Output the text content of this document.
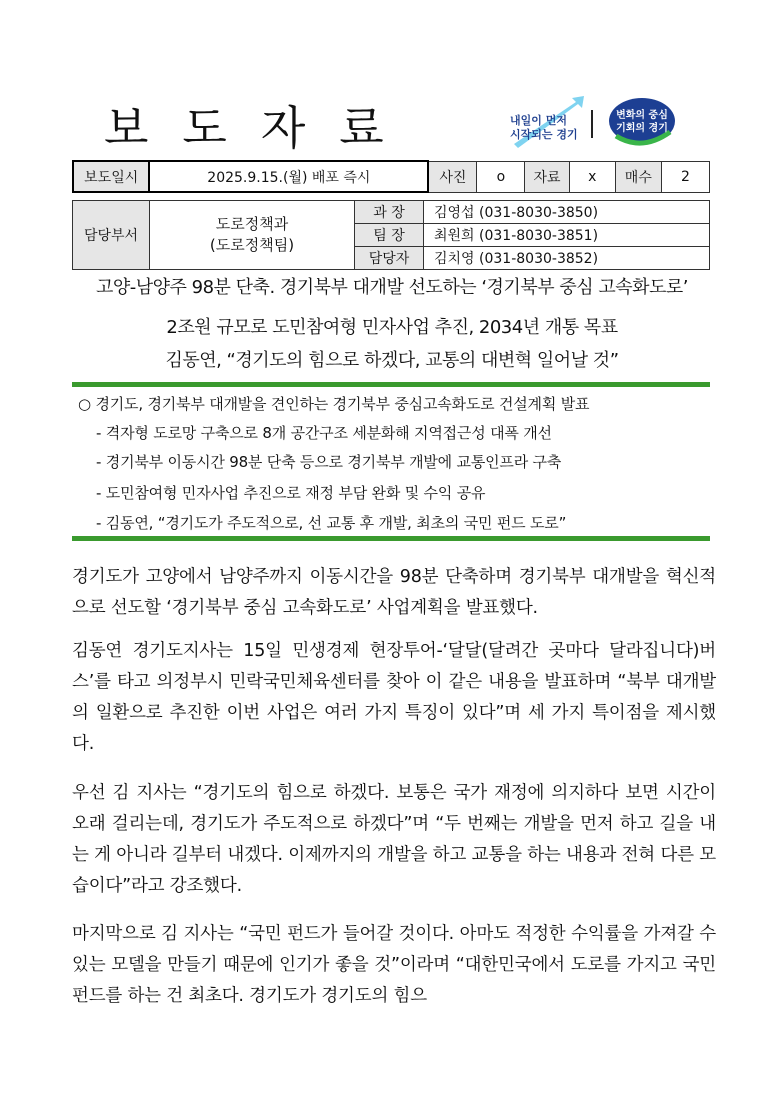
보도자료	내일이 먼저
시작되는 경기
변화의 중심
기회의 경기
보도일시	2025.9.15.(월) 배포 즉시	사진	o	자료	x	매수	2
담당부서	도로정책과
(도로정책팀)	과 장	김영섭 (031-8030-3850)
		팀 장	최원희 (031-8030-3851)
		담당자	김치영 (031-8030-3852)
고양-남양주 98분 단축. 경기북부 대개발 선도하는 ‘경기북부 중심 고속화도로’
2조원 규모로 도민참여형 민자사업 추진, 2034년 개통 목표
김동연, “경기도의 힘으로 하겠다, 교통의 대변혁 일어날 것”
○ 경기도, 경기북부 대개발을 견인하는 경기북부 중심고속화도로 건설계획 발표
- 격자형 도로망 구축으로 8개 공간구조 세분화해 지역접근성 대폭 개선
- 경기북부 이동시간 98분 단축 등으로 경기북부 개발에 교통인프라 구축
- 도민참여형 민자사업 추진으로 재정 부담 완화 및 수익 공유
- 김동연, “경기도가 주도적으로, 선 교통 후 개발, 최초의 국민 펀드 도로”
경기도가 고양에서 남양주까지 이동시간을 98분 단축하며 경기북부 대개발을 혁신적으로 선도할 ‘경기북부 중심 고속화도로’ 사업계획을 발표했다.
김동연 경기도지사는 15일 민생경제 현장투어-‘달달(달려간 곳마다 달라집니다)버스’를 타고 의정부시 민락국민체육센터를 찾아 이 같은 내용을 발표하며 “북부 대개발의 일환으로 추진한 이번 사업은 여러 가지 특징이 있다”며 세 가지 특이점을 제시했다.
우선 김 지사는 “경기도의 힘으로 하겠다. 보통은 국가 재정에 의지하다 보면 시간이 오래 걸리는데, 경기도가 주도적으로 하겠다”며 “두 번째는 개발을 먼저 하고 길을 내는 게 아니라 길부터 내겠다. 이제까지의 개발을 하고 교통을 하는 내용과 전혀 다른 모습이다”라고 강조했다.
마지막으로 김 지사는 “국민 펀드가 들어갈 것이다. 아마도 적정한 수익률을 가져갈 수 있는 모델을 만들기 때문에 인기가 좋을 것”이라며 “대한민국에서 도로를 가지고 국민 펀드를 하는 건 최초다. 경기도가 경기도의 힘으
